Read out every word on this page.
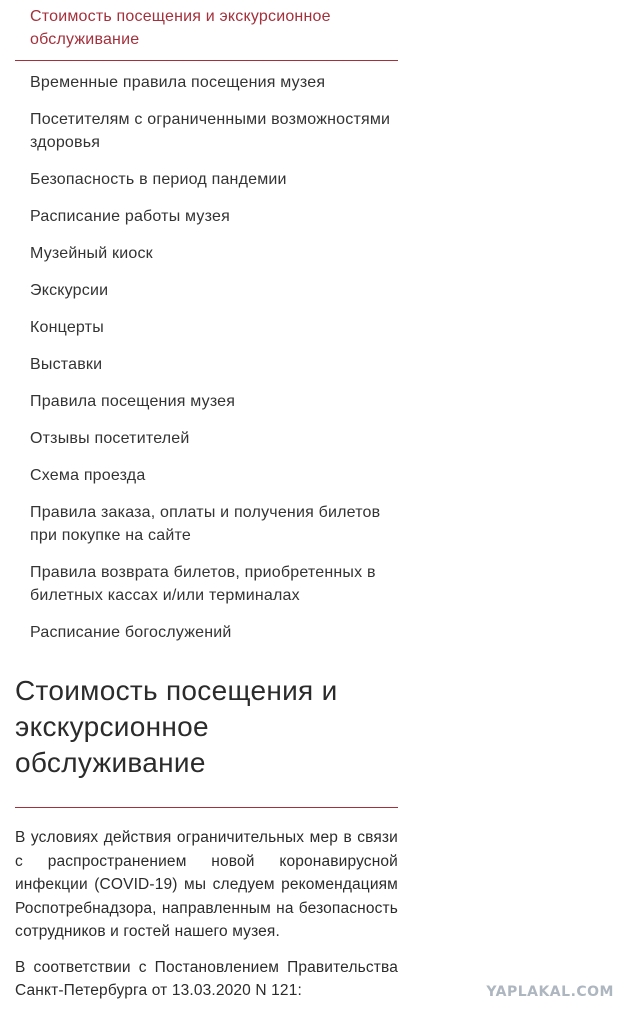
Стоимость посещения и экскурсионное обслуживание
Временные правила посещения музея
Посетителям с ограниченными возможностями здоровья
Безопасность в период пандемии
Расписание работы музея
Музейный киоск
Экскурсии
Концерты
Выставки
Правила посещения музея
Отзывы посетителей
Схема проезда
Правила заказа, оплаты и получения билетов при покупке на сайте
Правила возврата билетов, приобретенных в билетных кассах и/или терминалах
Расписание богослужений
Стоимость посещения и экскурсионное обслуживание

В условиях действия ограничительных мер в связи с распространением новой коронавирусной инфекции (COVID-19) мы следуем рекомендациям Роспотребнадзора, направленным на безопасность сотрудников и гостей нашего музея.

В соответствии с Постановлением Правительства Санкт-Петербурга от 13.03.2020 N 121:	YAPLAKAL.COM
